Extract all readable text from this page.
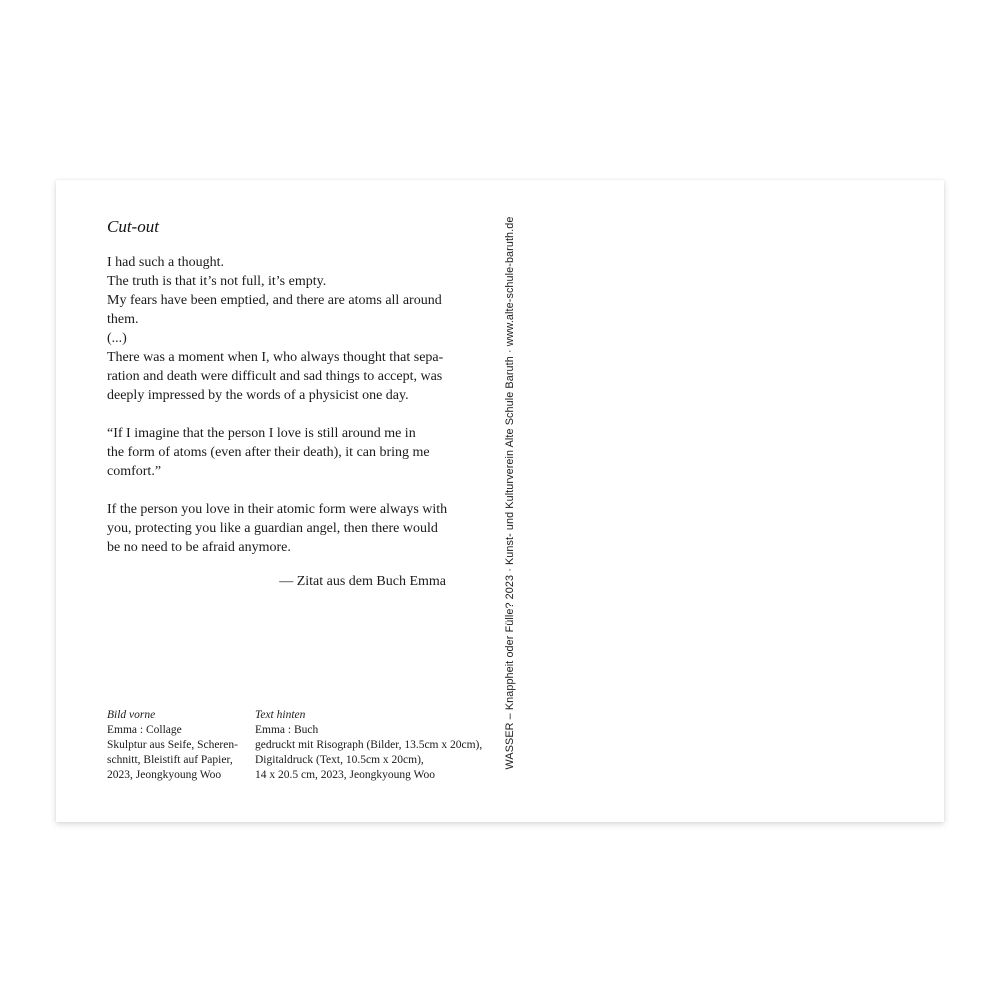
Cut-out
I had such a thought.
The truth is that it’s not full, it’s empty.
My fears have been emptied, and there are atoms all around
them.
(...)
There was a moment when I, who always thought that sepa-
ration and death were difficult and sad things to accept, was
deeply impressed by the words of a physicist one day.
“If I imagine that the person I love is still around me in
the form of atoms (even after their death), it can bring me
comfort.”
If the person you love in their atomic form were always with
you, protecting you like a guardian angel, then there would
be no need to be afraid anymore.
— Zitat aus dem Buch Emma
Bild vorne
Emma : Collage
Skulptur aus Seife, Scheren-
schnitt, Bleistift auf Papier,
2023, Jeongkyoung Woo
Text hinten
Emma : Buch
gedruckt mit Risograph (Bilder, 13.5cm x 20cm),
Digitaldruck (Text, 10.5cm x 20cm),
14 x 20.5 cm, 2023, Jeongkyoung Woo
WASSER – Knappheit oder Fülle? 2023 · Kunst- und Kulturverein Alte Schule Baruth · www.alte-schule-baruth.de
